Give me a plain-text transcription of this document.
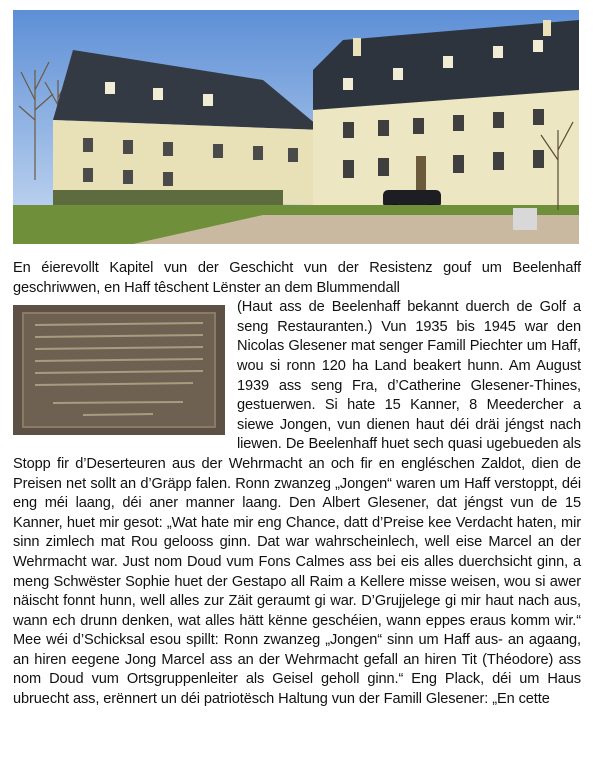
En éierevollt Kapitel vun der Geschicht vun der Resistenz gouf um Beelenhaff geschriwwen, en Haff têschent Lënster an dem Blummendall

(Haut ass de Beelenhaff bekannt duerch de Golf a seng Restauranten.) Vun 1935 bis 1945 war den Nicolas Glesener mat senger Famill Piechter um Haff, wou si ronn 120 ha Land beakert hunn. Am August 1939 ass seng Fra, d’Catherine Glesener-Thines, gestuerwen. Si hate 15 Kanner, 8 Meedercher a siewe Jongen, vun dienen haut déi dräi jéngst nach liewen. De Beelenhaff huet sech quasi ugebueden als Stopp fir d’Deserteuren aus der Wehrmacht an och fir en engléschen Zaldot, dien de Preisen net sollt an d’Gräpp falen. Ronn zwanzeg „Jongen“ waren um Haff verstoppt, déi eng méi laang, déi aner manner laang. Den Albert Glesener, dat jéngst vun de 15 Kanner, huet mir gesot: „Wat hate mir eng Chance, datt d’Preise kee Verdacht haten, mir sinn zimlech mat Rou gelooss ginn. Dat war wahrscheinlech, well eise Marcel an der Wehrmacht war. Just nom Doud vum Fons Calmes ass bei eis alles duerchsicht ginn, a meng Schwëster Sophie huet der Gestapo all Raim a Kellere misse weisen, wou si awer näischt fonnt hunn, well alles zur Zäit geraumt gi war. D’Grujjelege gi mir haut nach aus, wann ech drunn denken, wat alles hätt kënne geschéien, wann eppes eraus komm wir.“ Mee wéi d’Schicksal esou spillt: Ronn zwanzeg „Jongen“ sinn um Haff aus- an agaang, an hiren eegene Jong Marcel ass an der Wehrmacht gefall an hiren Tit (Théodore) ass nom Doud vum Ortsgruppenleiter als Geisel geholl ginn.“ Eng Plack, déi um Haus ubruecht ass, erënnert un déi patriotësch Haltung vun der Famill Glesener: „En cette
